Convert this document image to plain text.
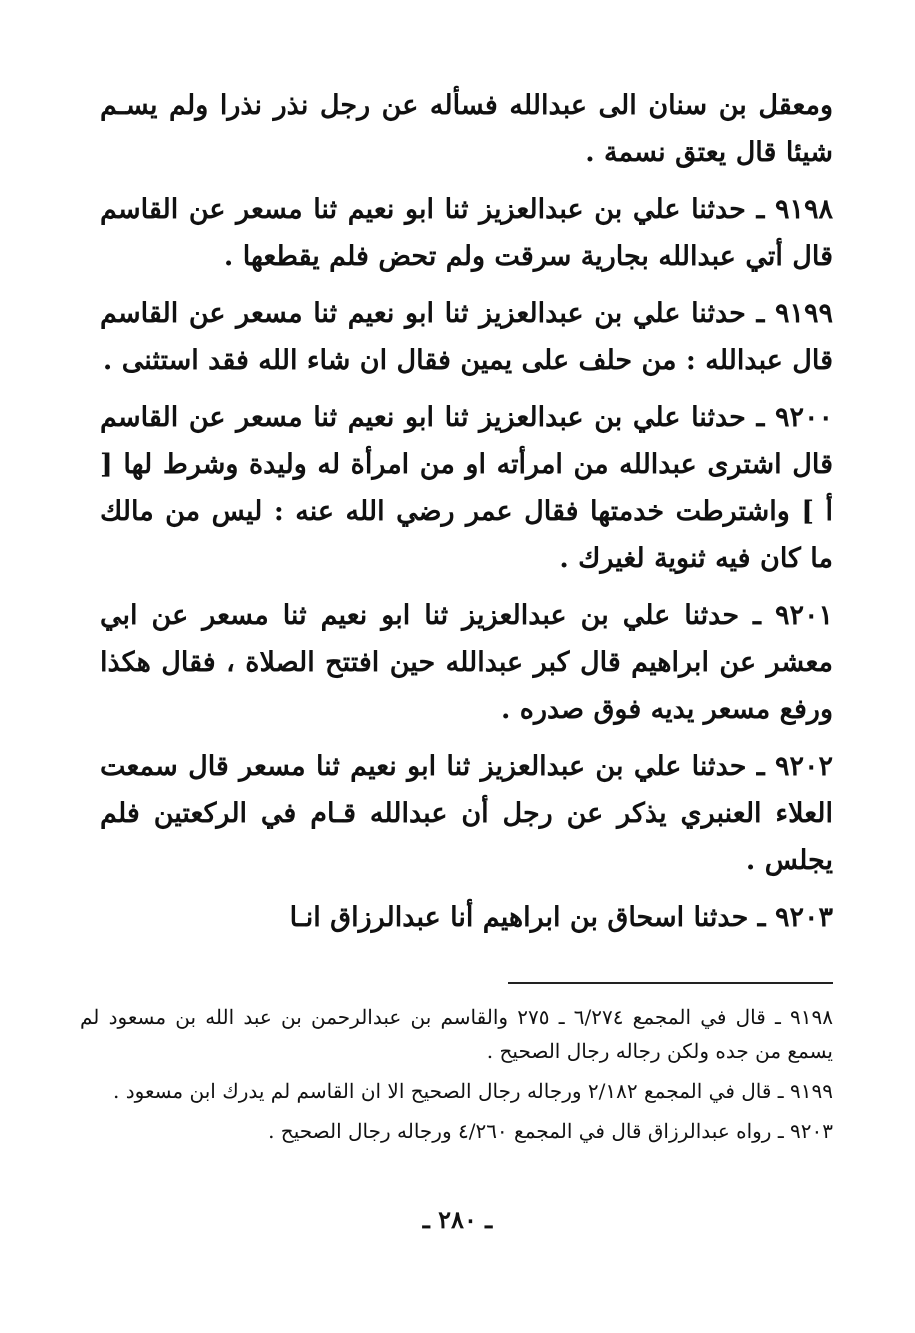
ومعقل بن سنان الى عبدالله فسأله عن رجل نذر نذرا ولم يسـم شيئا قال يعتق نسمة .

٩١٩٨ ـ حدثنا علي بن عبدالعزيز ثنا ابو نعيم ثنا مسعر عن القاسم قال أتي عبدالله بجارية سرقت ولم تحض فلم يقطعها .

٩١٩٩ ـ حدثنا علي بن عبدالعزيز ثنا ابو نعيم ثنا مسعر عن القاسم قال عبدالله : من حلف على يمين فقال ان شاء الله فقد استثنى .

٩٢٠٠ ـ حدثنا علي بن عبدالعزيز ثنا ابو نعيم ثنا مسعر عن القاسم قال اشترى عبدالله من امرأته او من امرأة له وليدة وشرط لها [ أ ] واشترطت خدمتها فقال عمر رضي الله عنه : ليس من مالك ما كان فيه ثنوية لغيرك .

٩٢٠١ ـ حدثنا علي بن عبدالعزيز ثنا ابو نعيم ثنا مسعر عن ابي معشر عن ابراهيم قال كبر عبدالله حين افتتح الصلاة ، فقال هكذا ورفع مسعر يديه فوق صدره .

٩٢٠٢ ـ حدثنا علي بن عبدالعزيز ثنا ابو نعيم ثنا مسعر قال سمعت العلاء العنبري يذكر عن رجل أن عبدالله قـام في الركعتين فلم يجلس .

٩٢٠٣ ـ حدثنا اسحاق بن ابراهيم أنا عبدالرزاق انـا

٩١٩٨ ـ قال في المجمع ٦/٢٧٤ ـ ٢٧٥ والقاسم بن عبدالرحمن بن عبد الله بن مسعود لم يسمع من جده ولكن رجاله رجال الصحيح .

٩١٩٩ ـ قال في المجمع ٢/١٨٢ ورجاله رجال الصحيح الا ان القاسم لم يدرك ابن مسعود .

٩٢٠٣ ـ رواه عبدالرزاق قال في المجمع ٤/٢٦٠ ورجاله رجال الصحيح .

ـ ٢٨٠ ـ
